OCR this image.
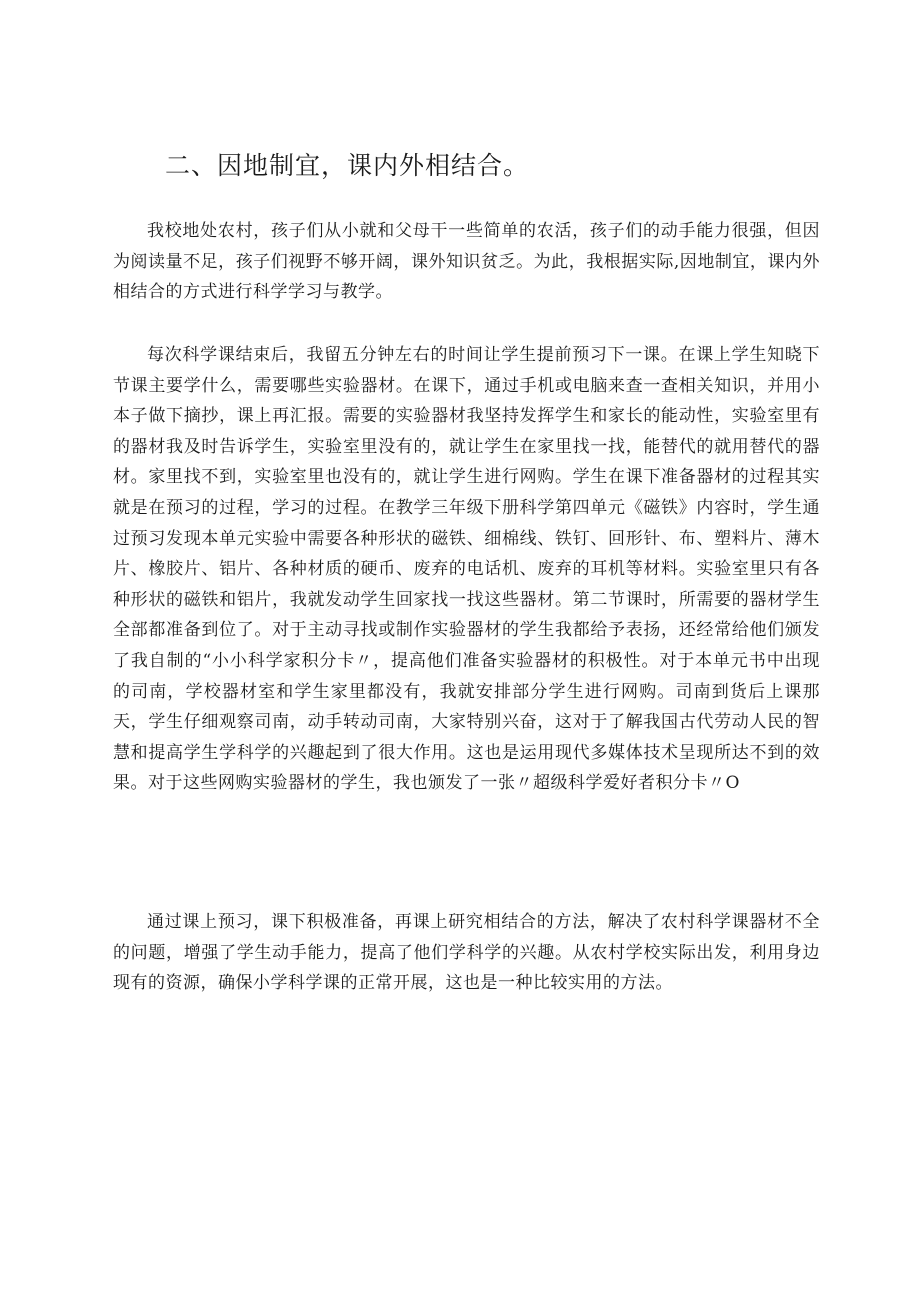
二、因地制宜，课内外相结合。

我校地处农村，孩子们从小就和父母干一些简单的农活，孩子们的动手能力很强，但因为阅读量不足，孩子们视野不够开阔，课外知识贫乏。为此，我根据实际,因地制宜，课内外相结合的方式进行科学学习与教学。

每次科学课结束后，我留五分钟左右的时间让学生提前预习下一课。在课上学生知晓下节课主要学什么，需要哪些实验器材。在课下，通过手机或电脑来查一查相关知识，并用小本子做下摘抄，课上再汇报。需要的实验器材我坚持发挥学生和家长的能动性，实验室里有的器材我及时告诉学生，实验室里没有的，就让学生在家里找一找，能替代的就用替代的器材。家里找不到，实验室里也没有的，就让学生进行网购。学生在课下准备器材的过程其实就是在预习的过程，学习的过程。在教学三年级下册科学第四单元《磁铁》内容时，学生通过预习发现本单元实验中需要各种形状的磁铁、细棉线、铁钉、回形针、布、塑料片、薄木片、橡胶片、铝片、各种材质的硬币、废弃的电话机、废弃的耳机等材料。实验室里只有各种形状的磁铁和铝片，我就发动学生回家找一找这些器材。第二节课时，所需要的器材学生全部都准备到位了。对于主动寻找或制作实验器材的学生我都给予表扬，还经常给他们颁发了我自制的“小小科学家积分卡〃，提高他们准备实验器材的积极性。对于本单元书中出现的司南，学校器材室和学生家里都没有，我就安排部分学生进行网购。司南到货后上课那天，学生仔细观察司南，动手转动司南，大家特别兴奋，这对于了解我国古代劳动人民的智慧和提高学生学科学的兴趣起到了很大作用。这也是运用现代多媒体技术呈现所达不到的效果。对于这些网购实验器材的学生，我也颁发了一张〃超级科学爱好者积分卡〃O

通过课上预习，课下积极准备，再课上研究相结合的方法，解决了农村科学课器材不全的问题，增强了学生动手能力，提高了他们学科学的兴趣。从农村学校实际出发，利用身边现有的资源，确保小学科学课的正常开展，这也是一种比较实用的方法。
